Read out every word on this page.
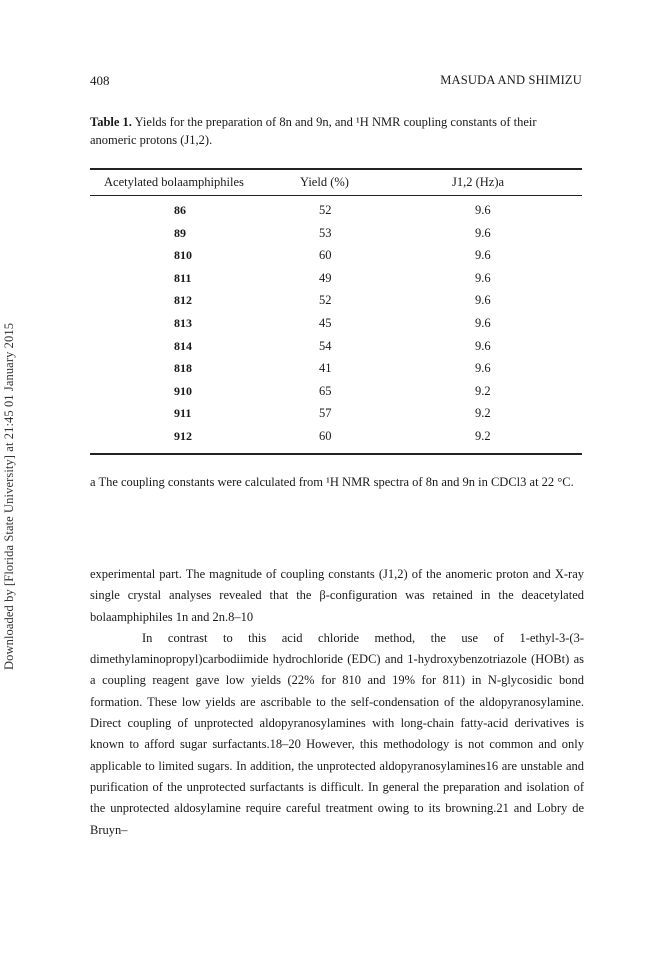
Downloaded by [Florida State University] at 21:45 01 January 2015
408	MASUDA AND SHIMIZU
Table 1. Yields for the preparation of 8n and 9n, and ¹H NMR coupling constants of their anomeric protons (J1,2).
Acetylated bolaamphiphiles	Yield (%)	J1,2 (Hz)a
86	52	9.6
89	53	9.6
810	60	9.6
811	49	9.6
812	52	9.6
813	45	9.6
814	54	9.6
818	41	9.6
910	65	9.2
911	57	9.2
912	60	9.2
a The coupling constants were calculated from ¹H NMR spectra of 8n and 9n in CDCl3 at 22 °C.

experimental part. The magnitude of coupling constants (J1,2) of the anomeric proton and X-ray single crystal analyses revealed that the β-configuration was retained in the deacetylated bolaamphiphiles 1n and 2n.8–10

In contrast to this acid chloride method, the use of 1-ethyl-3-(3-dimethylaminopropyl)carbodiimide hydrochloride (EDC) and 1-hydroxybenzotriazole (HOBt) as a coupling reagent gave low yields (22% for 810 and 19% for 811) in N-glycosidic bond formation. These low yields are ascribable to the self-condensation of the aldopyranosylamine. Direct coupling of unprotected aldopyranosylamines with long-chain fatty-acid derivatives is known to afford sugar surfactants.18–20 However, this methodology is not common and only applicable to limited sugars. In addition, the unprotected aldopyranosylamines16 are unstable and purification of the unprotected surfactants is difficult. In general the preparation and isolation of the unprotected aldosylamine require careful treatment owing to its browning.21 and Lobry de Bruyn–
